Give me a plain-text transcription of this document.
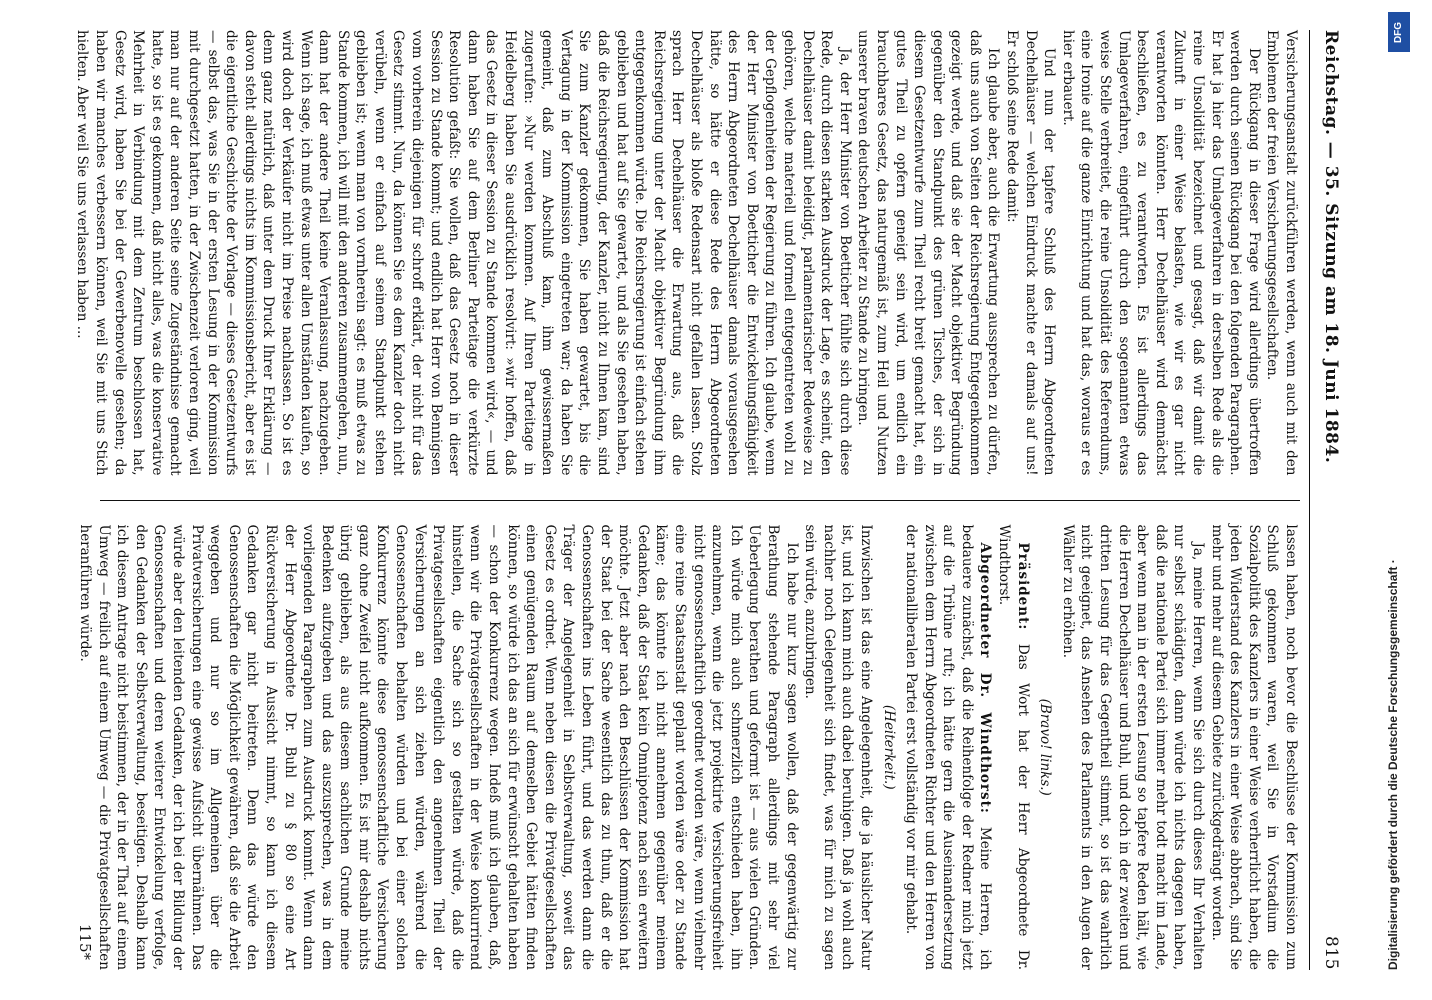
Reichstag. — 35. Sitzung am 18. Juni 1884.
815

Versicherungsanstalt zurückführen werden, wenn auch mit den Emblemen der freien Versicherungsgesellschaften.

Der Rückgang in dieser Frage wird allerdings übertroffen werden durch seinen Rückgang bei den folgenden Paragraphen. Er hat ja hier das Umlageverfahren in derselben Rede als die reine Unsolidität bezeichnet und gesagt, daß wir damit die Zukunft in einer Weise belasten, wie wir es gar nicht verantworten könnten. Herr Dechelhäuser wird demnächst beschließen, es zu verantworten. Es ist allerdings das Umlageverfahren, eingeführt durch den sogenannten etwas weise Stelle verbreitet, die reine Unsolidität des Referendums, eine Ironie auf die ganze Einrichtung und hat das, woraus er es hier erbauert.

Und nun der tapfere Schluß des Herrn Abgeordneten Dechelhäuser — welchen Eindruck machte er damals auf uns! Er schloß seine Rede damit:

Ich glaube aber, auch die Erwartung aussprechen zu dürfen, daß uns auch von Seiten der Reichsregierung Entgegenkommen gezeigt werde, und daß sie der Macht objektiver Begründung gegenüber den Standpunkt des grünen Tisches, der sich in diesem Gesetzentwurfe zum Theil recht breit gemacht hat, ein gutes Theil zu opfern geneigt sein wird, um endlich ein brauchbares Gesetz, das naturgemäß ist, zum Heil und Nutzen unserer braven deutschen Arbeiter zu Stande zu bringen.

Ja, der Herr Minister von Boetticher fühlte sich durch diese Rede, durch diesen starken Ausdruck der Lage, es scheint, den Dechelhäuser damit beleidigt, parlamentarischer Redeweise zu gehören, welche materiell und formell entgegentreten wohl zu der Gepflogenheiten der Regierung zu führen. Ich glaube, wenn der Herr Minister von Boetticher die Entwickelungsfähigkeit des Herrn Abgeordneten Dechelhäuser damals vorausgesehen hätte, so hätte er diese Rede des Herrn Abgeordneten Dechelhäuser als bloße Redensart nicht gefallen lassen. Stolz sprach Herr Dechelhäuser die Erwartung aus, daß die Reichsregierung unter der Macht objektiver Begründung ihm entgegenkommen würde. Die Reichsregierung ist einfach stehen geblieben und hat auf Sie gewartet, und als Sie gesehen haben, daß die Reichsregierung, der Kanzler, nicht zu Ihnen kam, sind Sie zum Kanzler gekommen, Sie haben gewartet, bis die Vertagung in der Kommission eingetreten war; da haben Sie gemeint, daß zum Abschluß kam, ihm gewissermaßen zugerufen: »Nur werden kommen. Auf Ihren Parteitage in Heidelberg haben Sie ausdrücklich resolvirt: »wir hoffen, daß das Gesetz in dieser Session zu Stande kommen wird«, — und dann haben Sie auf dem Berliner Parteitage die verkürzte Resolution gefaßt: Sie wollen, daß das Gesetz noch in dieser Session zu Stande kommt; und endlich hat Herr von Bennigsen vom vorherein diejenigen für schroff erklärt, der nicht für das Gesetz stimmt. Nun, da können Sie es dem Kanzler doch nicht verübeln, wenn er einfach auf seinem Standpunkt stehen geblieben ist; wenn man von vornherein sagt: es muß etwas zu Stande kommen, ich will mit den anderen zusammengehen, nun, dann hat der andere Theil keine Veranlassung, nachzugeben. Wenn ich sage, ich muß etwas unter allen Umständen kaufen, so wird doch der Verkäufer nicht im Preise nachlassen. So ist es denn ganz natürlich, daß unter dem Druck Ihrer Erklärung — davon steht allerdings nichts im Kommissionsbericht, aber es ist die eigentliche Geschichte der Vorlage — dieses Gesetzentwurfs — selbst das, was Sie in der ersten Lesung in der Kommission mit durchgesetzt hatten, in der Zwischenzeit verloren ging, weil man nur auf der anderen Seite seine Zugeständnisse gemacht hatte, so ist es gekommen, daß nicht alles, was die konservative Mehrheit in Verbindung mit dem Zentrum beschlossen hat, Gesetz wird, haben Sie bei der Gewerbenovelle gesehen; da haben wir manches verbessern können, weil Sie mit uns Stich hielten. Aber weil Sie uns verlassen haben ...

lassen haben, noch bevor die Beschlüsse der Kommission zum Schluß gekommen waren, weil Sie in Vorstadium die Sozialpolitik des Kanzlers in einer Weise verherrlicht haben, die jeden Widerstand des Kanzlers in einer Weise abbrach, sind Sie mehr und mehr auf diesem Gebiete zurückgedrängt worden.

Ja, meine Herren, wenn Sie sich durch dieses Ihr Verhalten nur selbst schädigten, dann würde ich nichts dagegen haben, daß die nationale Partei sich immer mehr todt macht im Lande, aber wenn man in der ersten Lesung so tapfere Reden hält, wie die Herren Dechelhäuser und Buhl, und doch in der zweiten und dritten Lesung für das Gegentheil stimmt, so ist das wahrlich nicht geeignet, das Ansehen des Parlaments in den Augen der Wähler zu erhöhen.

(Bravo! links.)

Präsident: Das Wort hat der Herr Abgeordnete Dr. Windthorst.

Abgeordneter Dr. Windthorst: Meine Herren, ich bedauere zunächst, daß die Reihenfolge der Redner mich jetzt auf die Tribüne ruft; ich hätte gern die Auseinandersetzung zwischen dem Herrn Abgeordneten Richter und den Herren von der nationalliberalen Partei erst vollständig vor mir gehabt.

(Heiterkeit.)

Inzwischen ist das eine Angelegenheit, die ja häuslicher Natur ist, und ich kann mich auch dabei beruhigen. Daß ja wohl auch nachher noch Gelegenheit sich findet, was für mich zu sagen sein würde, anzubringen.

Ich habe nur kurz sagen wollen, daß der gegenwärtig zur Berathung stehende Paragraph allerdings mit sehr viel Ueberlegung berathen und geformt ist — aus vielen Gründen. Ich würde mich auch schmerzlich entschieden haben, ihn anzunehmen, wenn die jetzt projektirte Versicherungsfreiheit nicht genossenschaftlich geordnet worden wäre, wenn vielmehr eine reine Staatsanstalt geplant worden wäre oder zu Stande käme; das könnte ich nicht annehmen gegenüber meinem Gedanken, daß der Staat kein Omnipotenz nach sein erweitern möchte. Jetzt aber nach den Beschlüssen der Kommission hat der Staat bei der Sache wesentlich das zu thun, daß er die Genossenschaften ins Leben führt, und das werden dann die Träger der Angelegenheit in Selbstverwaltung, soweit das Gesetz es ordnet. Wenn neben diesen die Privatgesellschaften einen genügenden Raum auf demselben Gebiet hätten finden können, so würde ich das an sich für erwünscht gehalten haben — schon der Konkurrenz wegen. Indeß muß ich glauben, daß, wenn wir die Privatgesellschaften in der Weise konkurrirend hinstellen, die Sache sich so gestalten würde, daß die Privatgesellschaften eigentlich den angenehmen Theil der Versicherungen an sich ziehen würden, während die Genossenschaften behalten würden und bei einer solchen Konkurrenz könnte diese genossenschaftliche Versicherung ganz ohne Zweifel nicht aufkommen. Es ist mir deshalb nichts übrig geblieben, als aus diesem sachlichen Grunde meine Bedenken aufzugeben und das auszusprechen, was in dem vorliegenden Paragraphen zum Ausdruck kommt. Wenn dann der Herr Abgeordnete Dr. Buhl zu § 80 so eine Art Rückversicherung in Aussicht nimmt, so kann ich diesem Gedanken gar nicht beitreten. Denn das würde den Genossenschaften die Möglichkeit gewähren, daß sie die Arbeit weggeben und nur so im Allgemeinen über die Privatversicherungen eine gewisse Aufsicht übernähmen. Das würde aber den leitenden Gedanken, der ich bei der Bildung der Genossenschaften und deren weiterer Entwickelung verfolge, den Gedanken der Selbstverwaltung, beseitigen. Deshalb kann ich diesem Antrage nicht beistimmen, der in der That auf einem Umweg — freilich auf einem Umweg — die Privatgesellschaften heranführen würde.

115*
DFG
Digitalisierung gefördert durch die Deutsche Forschungsgemeinschaft ·
